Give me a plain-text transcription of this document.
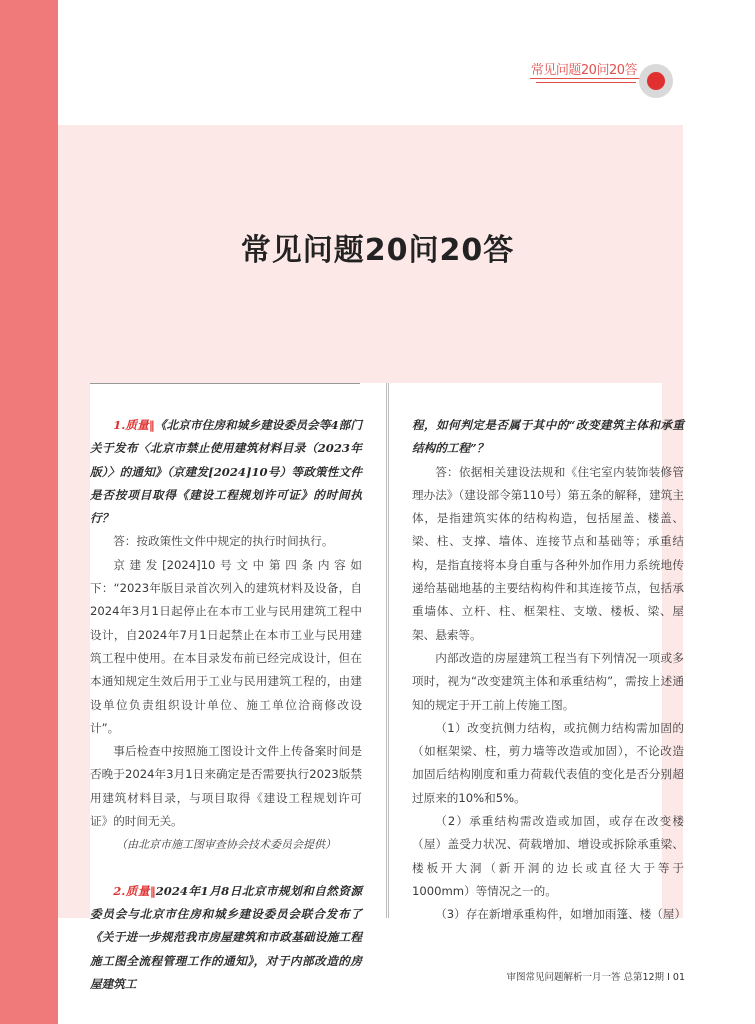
常见问题20问20答
常见问题20问20答

1.质量‖《北京市住房和城乡建设委员会等4部门关于发布〈北京市禁止使用建筑材料目录（2023年版）〉的通知》（京建发[2024]10号）等政策性文件是否按项目取得《建设工程规划许可证》的时间执行？

答：按政策性文件中规定的执行时间执行。

京建发[2024]10号文中第四条内容如下：“2023年版目录首次列入的建筑材料及设备，自2024年3月1日起停止在本市工业与民用建筑工程中设计，自2024年7月1日起禁止在本市工业与民用建筑工程中使用。在本目录发布前已经完成设计，但在本通知规定生效后用于工业与民用建筑工程的，由建设单位负责组织设计单位、施工单位洽商修改设计”。

事后检查中按照施工图设计文件上传备案时间是否晚于2024年3月1日来确定是否需要执行2023版禁用建筑材料目录，与项目取得《建设工程规划许可证》的时间无关。

（由北京市施工图审查协会技术委员会提供）

2.质量‖2024年1月8日北京市规划和自然资源委员会与北京市住房和城乡建设委员会联合发布了《关于进一步规范我市房屋建筑和市政基础设施工程施工图全流程管理工作的通知》，对于内部改造的房屋建筑工

程，如何判定是否属于其中的“改变建筑主体和承重结构的工程”？

答：依据相关建设法规和《住宅室内装饰装修管理办法》（建设部令第110号）第五条的解释，建筑主体，是指建筑实体的结构构造，包括屋盖、楼盖、梁、柱、支撑、墙体、连接节点和基础等；承重结构，是指直接将本身自重与各种外加作用力系统地传递给基础地基的主要结构构件和其连接节点，包括承重墙体、立杆、柱、框架柱、支墩、楼板、梁、屋架、悬索等。

内部改造的房屋建筑工程当有下列情况一项或多项时，视为“改变建筑主体和承重结构”，需按上述通知的规定于开工前上传施工图。

（1）改变抗侧力结构，或抗侧力结构需加固的（如框架梁、柱，剪力墙等改造或加固），不论改造加固后结构刚度和重力荷载代表值的变化是否分别超过原来的10%和5%。

（2）承重结构需改造或加固，或存在改变楼（屋）盖受力状况、荷载增加、增设或拆除承重梁、楼板开大洞（新开洞的边长或直径大于等于1000mm）等情况之一的。

（3）存在新增承重构件，如增加雨篷、楼（屋）

审图常见问题解析一月一答 总第12期 Ⅰ 01
